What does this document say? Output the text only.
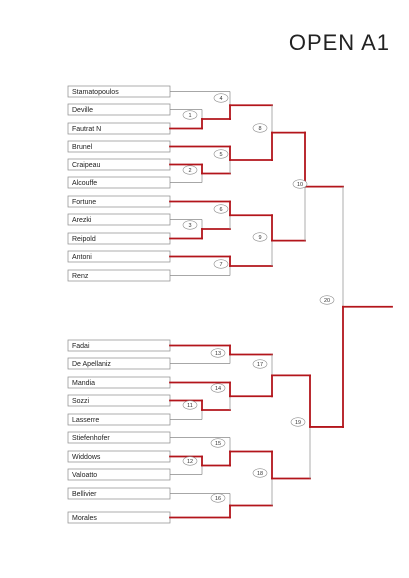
OPEN A1
Stamatopoulos
Deville
Fautrat N
Brunel
Craipeau
Alcouffe
Fortune
Arezki
Reipold
Antoni
Renz
Fadai
De Apellaniz
Mandia
Sozzi
Lasserre
Stiefenhofer
Widdows
Valoatto
Bellivier
Morales
1
4
2
5
3
6
7
8
9
10
13
11
14
12
15
16
17
18
19
20
